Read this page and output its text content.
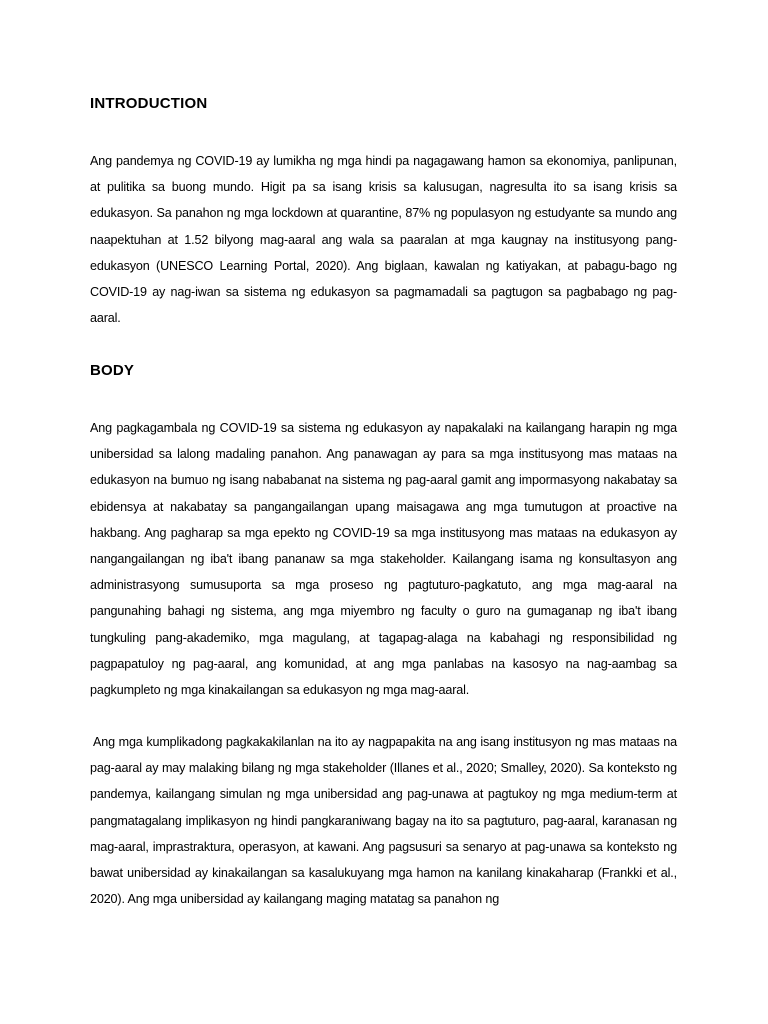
INTRODUCTION

Ang pandemya ng COVID-19 ay lumikha ng mga hindi pa nagagawang hamon sa ekonomiya, panlipunan, at pulitika sa buong mundo. Higit pa sa isang krisis sa kalusugan, nagresulta ito sa isang krisis sa edukasyon. Sa panahon ng mga lockdown at quarantine, 87% ng populasyon ng estudyante sa mundo ang naapektuhan at 1.52 bilyong mag-aaral ang wala sa paaralan at mga kaugnay na institusyong pang-edukasyon (UNESCO Learning Portal, 2020). Ang biglaan, kawalan ng katiyakan, at pabagu-bago ng COVID-19 ay nag-iwan sa sistema ng edukasyon sa pagmamadali sa pagtugon sa pagbabago ng pag-aaral.

BODY

Ang pagkagambala ng COVID-19 sa sistema ng edukasyon ay napakalaki na kailangang harapin ng mga unibersidad sa lalong madaling panahon. Ang panawagan ay para sa mga institusyong mas mataas na edukasyon na bumuo ng isang nababanat na sistema ng pag-aaral gamit ang impormasyong nakabatay sa ebidensya at nakabatay sa pangangailangan upang maisagawa ang mga tumutugon at proactive na hakbang. Ang pagharap sa mga epekto ng COVID-19 sa mga institusyong mas mataas na edukasyon ay nangangailangan ng iba't ibang pananaw sa mga stakeholder. Kailangang isama ng konsultasyon ang administrasyong sumusuporta sa mga proseso ng pagtuturo-pagkatuto, ang mga mag-aaral na pangunahing bahagi ng sistema, ang mga miyembro ng faculty o guro na gumaganap ng iba't ibang tungkuling pang-akademiko, mga magulang, at tagapag-alaga na kabahagi ng responsibilidad ng pagpapatuloy ng pag-aaral, ang komunidad, at ang mga panlabas na kasosyo na nag-aambag sa pagkumpleto ng mga kinakailangan sa edukasyon ng mga mag-aaral.

Ang mga kumplikadong pagkakakilanlan na ito ay nagpapakita na ang isang institusyon ng mas mataas na pag-aaral ay may malaking bilang ng mga stakeholder (Illanes et al., 2020; Smalley, 2020). Sa konteksto ng pandemya, kailangang simulan ng mga unibersidad ang pag-unawa at pagtukoy ng mga medium-term at pangmatagalang implikasyon ng hindi pangkaraniwang bagay na ito sa pagtuturo, pag-aaral, karanasan ng mag-aaral, imprastraktura, operasyon, at kawani. Ang pagsusuri sa senaryo at pag-unawa sa konteksto ng bawat unibersidad ay kinakailangan sa kasalukuyang mga hamon na kanilang kinakaharap (Frankki et al., 2020). Ang mga unibersidad ay kailangang maging matatag sa panahon ng
